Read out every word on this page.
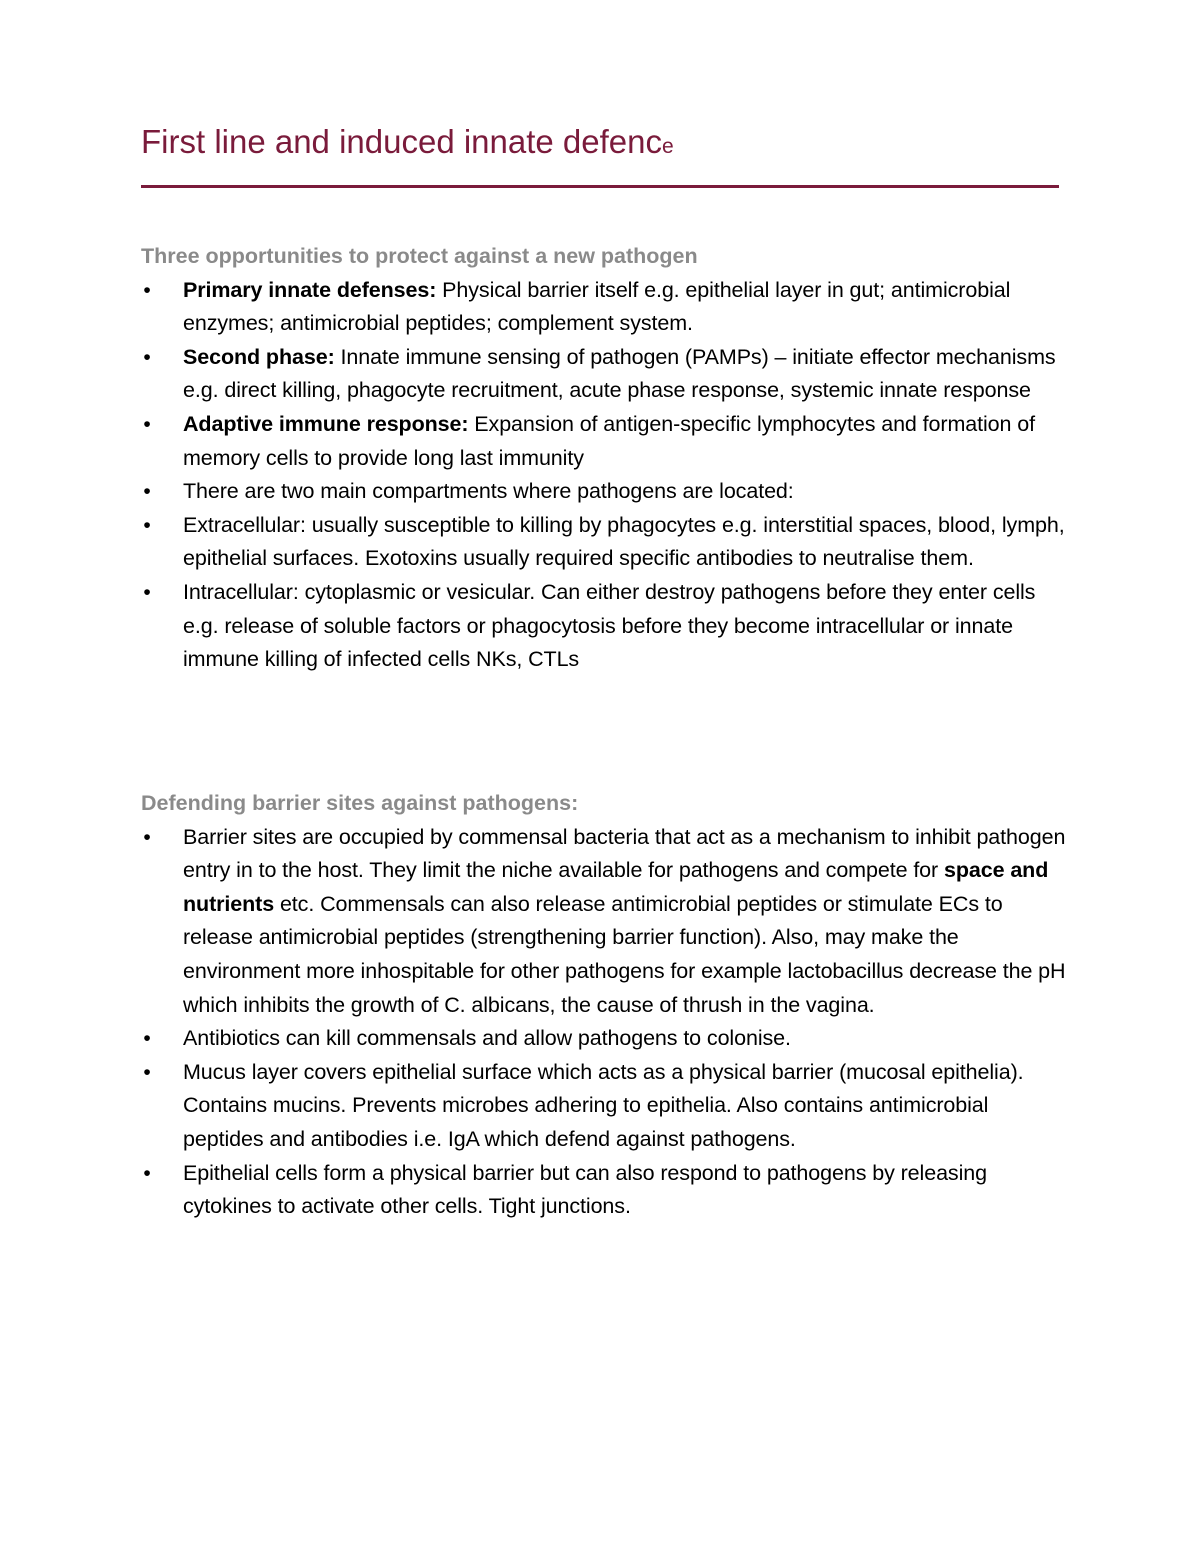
First line and induced innate defence

Three opportunities to protect against a new pathogen

• Primary innate defenses: Physical barrier itself e.g. epithelial layer in gut; antimicrobial enzymes; antimicrobial peptides; complement system.
• Second phase: Innate immune sensing of pathogen (PAMPs) – initiate effector mechanisms e.g. direct killing, phagocyte recruitment, acute phase response, systemic innate response
• Adaptive immune response: Expansion of antigen-specific lymphocytes and formation of memory cells to provide long last immunity
• There are two main compartments where pathogens are located:
• Extracellular: usually susceptible to killing by phagocytes e.g. interstitial spaces, blood, lymph, epithelial surfaces. Exotoxins usually required specific antibodies to neutralise them.
• Intracellular: cytoplasmic or vesicular. Can either destroy pathogens before they enter cells e.g. release of soluble factors or phagocytosis before they become intracellular or innate immune killing of infected cells NKs, CTLs

Defending barrier sites against pathogens:

• Barrier sites are occupied by commensal bacteria that act as a mechanism to inhibit pathogen entry in to the host. They limit the niche available for pathogens and compete for space and nutrients etc. Commensals can also release antimicrobial peptides or stimulate ECs to release antimicrobial peptides (strengthening barrier function). Also, may make the environment more inhospitable for other pathogens for example lactobacillus decrease the pH which inhibits the growth of C. albicans, the cause of thrush in the vagina.
• Antibiotics can kill commensals and allow pathogens to colonise.
• Mucus layer covers epithelial surface which acts as a physical barrier (mucosal epithelia). Contains mucins. Prevents microbes adhering to epithelia. Also contains antimicrobial peptides and antibodies i.e. IgA which defend against pathogens.
• Epithelial cells form a physical barrier but can also respond to pathogens by releasing cytokines to activate other cells. Tight junctions.
